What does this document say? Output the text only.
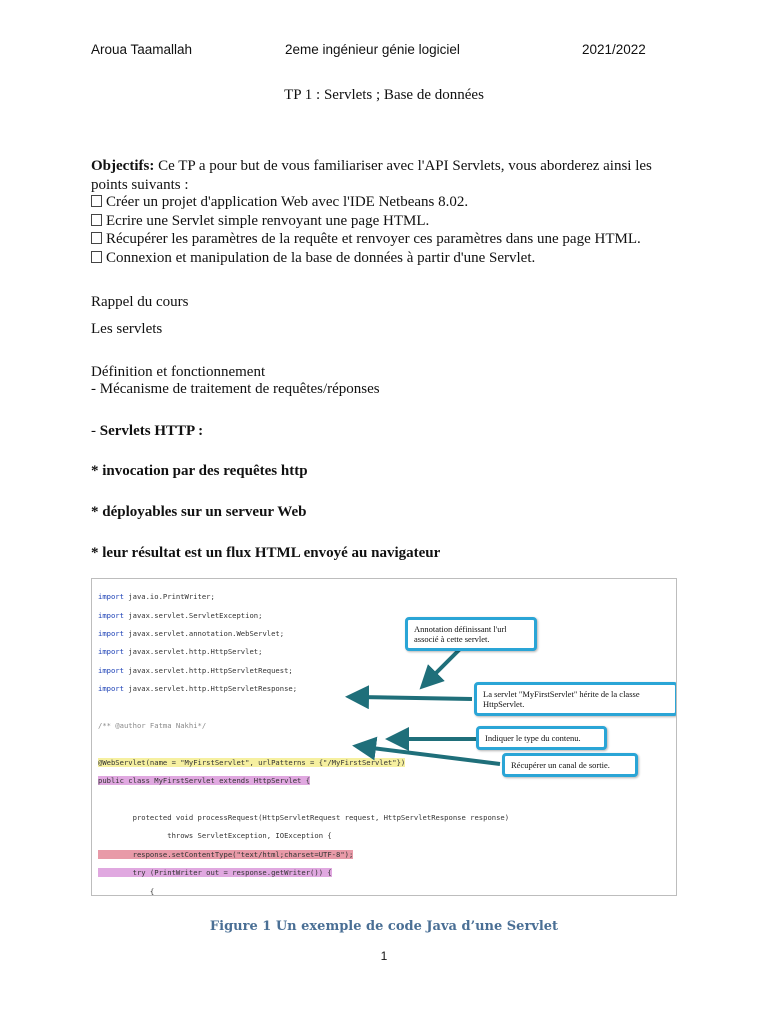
Aroua Taamallah	2eme ingénieur génie logiciel	2021/2022
TP 1 : Servlets ; Base de données
Objectifs: Ce TP a pour but de vous familiariser avec l'API Servlets, vous aborderez ainsi les points suivants :
Créer un projet d'application Web avec l'IDE Netbeans 8.02.
Ecrire une Servlet simple renvoyant une page HTML.
Récupérer les paramètres de la requête et renvoyer ces paramètres dans une page HTML.
Connexion et manipulation de la base de données à partir d'une Servlet.
Rappel du cours
Les servlets
Définition et fonctionnement
- Mécanisme de traitement de requêtes/réponses
- Servlets HTTP :
* invocation par des requêtes http
* déployables sur un serveur Web
* leur résultat est un flux HTML envoyé au navigateur

import java.io.PrintWriter;

import javax.servlet.ServletException;

import javax.servlet.annotation.WebServlet;

import javax.servlet.http.HttpServlet;

import javax.servlet.http.HttpServletRequest;

import javax.servlet.http.HttpServletResponse;

/** @author Fatma Nakhi*/

@WebServlet(name = "MyFirstServlet", urlPatterns = {"/MyFirstServlet"})

public class MyFirstServlet extends HttpServlet {

protected void processRequest(HttpServletRequest request, HttpServletResponse response)

throws ServletException, IOException {

response.setContentType("text/html;charset=UTF-8");

try (PrintWriter out = response.getWriter()) {

{

Annotation définissant l'url associé à cette servlet.
La servlet "MyFirstServlet" hérite de la classe HttpServlet.
Indiquer le type du contenu.
Récupérer un canal de sortie.
Figure 1 Un exemple de code Java d’une Servlet
1
